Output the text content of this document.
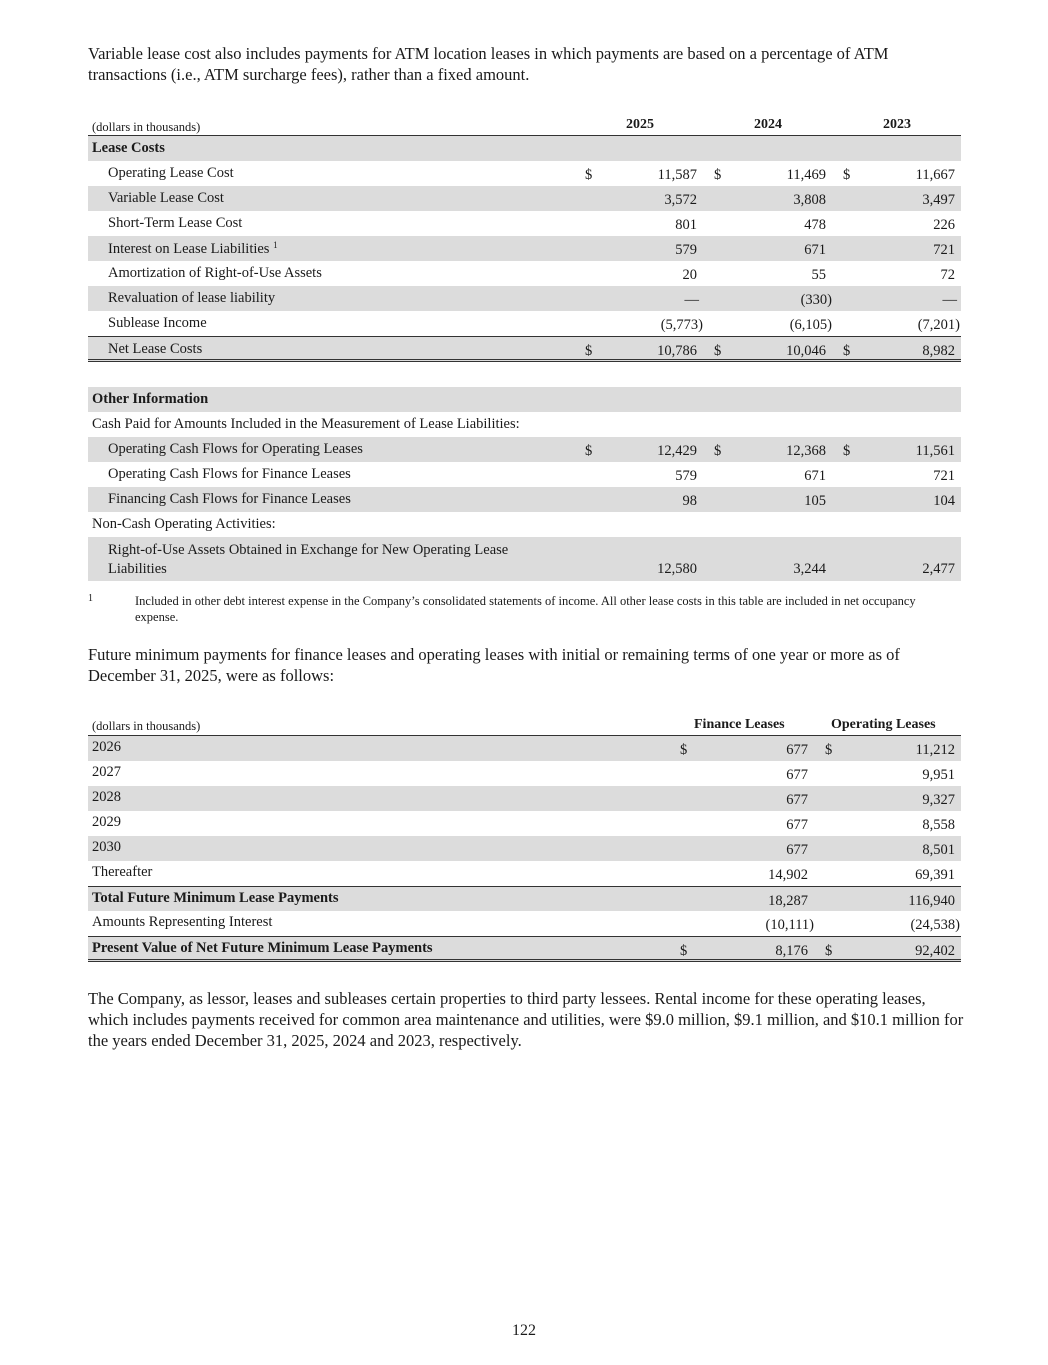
Variable lease cost also includes payments for ATM location leases in which payments are based on a percentage of ATM transactions (i.e., ATM surcharge fees), rather than a fixed amount.

(dollars in thousands)	2025	2024	2023
Lease Costs
Operating Lease Cost	$	11,587 $	11,469 $	11,667
Variable Lease Cost	3,572	3,808	3,497
Short-Term Lease Cost	801	478	226
Interest on Lease Liabilities $^1$	579	671	721
Amortization of Right-of-Use Assets	20	55	72
Revaluation of lease liability	—	(330)	—
Sublease Income	(5,773)	(6,105)	(7,201)
Net Lease Costs	$	10,786 $	10,046 $	8,982
Other Information
Cash Paid for Amounts Included in the Measurement of Lease Liabilities:
Operating Cash Flows for Operating Leases	$	12,429 $	12,368 $	11,561
Operating Cash Flows for Finance Leases	579	671	721
Financing Cash Flows for Finance Leases	98	105	104
Non-Cash Operating Activities:
Right-of-Use Assets Obtained in Exchange for New Operating Lease Liabilities	12,580	3,244	2,477
1	Included in other debt interest expense in the Company’s consolidated statements of income. All other lease costs in this table are included in net occupancy expense.

Future minimum payments for finance leases and operating leases with initial or remaining terms of one year or more as of December 31, 2025, were as follows:

(dollars in thousands)	Finance Leases	Operating Leases
2026	$	677 $	11,212
2027	677	9,951
2028	677	9,327
2029	677	8,558
2030	677	8,501
Thereafter	14,902	69,391
Total Future Minimum Lease Payments	18,287	116,940
Amounts Representing Interest	(10,111)	(24,538)
Present Value of Net Future Minimum Lease Payments	$	8,176 $	92,402

The Company, as lessor, leases and subleases certain properties to third party lessees. Rental income for these operating leases, which includes payments received for common area maintenance and utilities, were $9.0 million, $9.1 million, and $10.1 million for the years ended December 31, 2025, 2024 and 2023, respectively.

122
